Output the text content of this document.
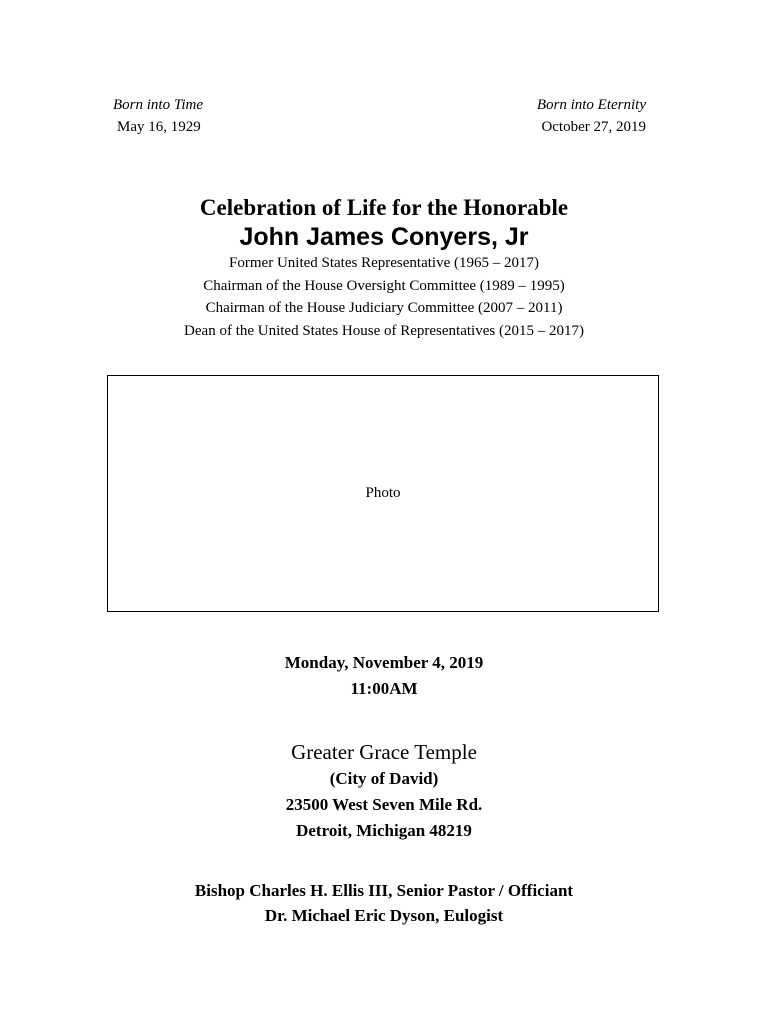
Born into Time
May 16, 1929
Born into Eternity
October 27, 2019
Celebration of Life for the Honorable
John James Conyers, Jr
Former United States Representative (1965 – 2017)
Chairman of the House Oversight Committee (1989 – 1995)
Chairman of the House Judiciary Committee (2007 – 2011)
Dean of the United States House of Representatives (2015 – 2017)
Photo
Monday, November 4, 2019
11:00AM
Greater Grace Temple
(City of David)
23500 West Seven Mile Rd.
Detroit, Michigan 48219
Bishop Charles H. Ellis III, Senior Pastor / Officiant
Dr. Michael Eric Dyson, Eulogist
